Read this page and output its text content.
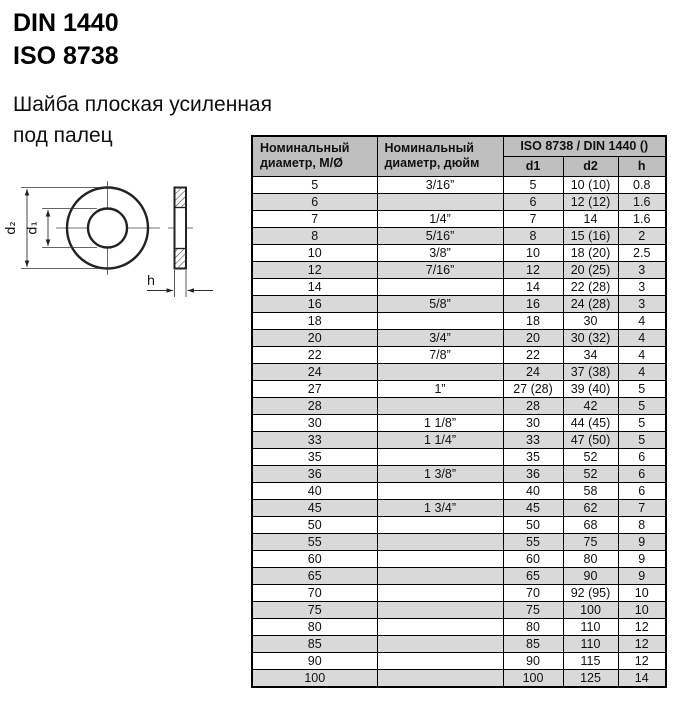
DIN 1440
ISO 8738
Шайба плоская усиленная
под палец
d₂ d₁
h
Номинальный диаметр, М/Ø	Номинальный диаметр, дюйм	ISO 8738 / DIN 1440 ()		
		d1	d2	h
5	3/16”	5	10 (10)	0.8
6		6	12 (12)	1.6
7	1/4”	7	14	1.6
8	5/16”	8	15 (16)	2
10	3/8”	10	18 (20)	2.5
12	7/16”	12	20 (25)	3
14		14	22 (28)	3
16	5/8”	16	24 (28)	3
18		18	30	4
20	3/4”	20	30 (32)	4
22	7/8”	22	34	4
24		24	37 (38)	4
27	1”	27 (28)	39 (40)	5
28		28	42	5
30	1 1/8”	30	44 (45)	5
33	1 1/4”	33	47 (50)	5
35		35	52	6
36	1 3/8”	36	52	6
40		40	58	6
45	1 3/4”	45	62	7
50		50	68	8
55		55	75	9
60		60	80	9
65		65	90	9
70		70	92 (95)	10
75		75	100	10
80		80	110	12
85		85	110	12
90		90	115	12
100		100	125	14
